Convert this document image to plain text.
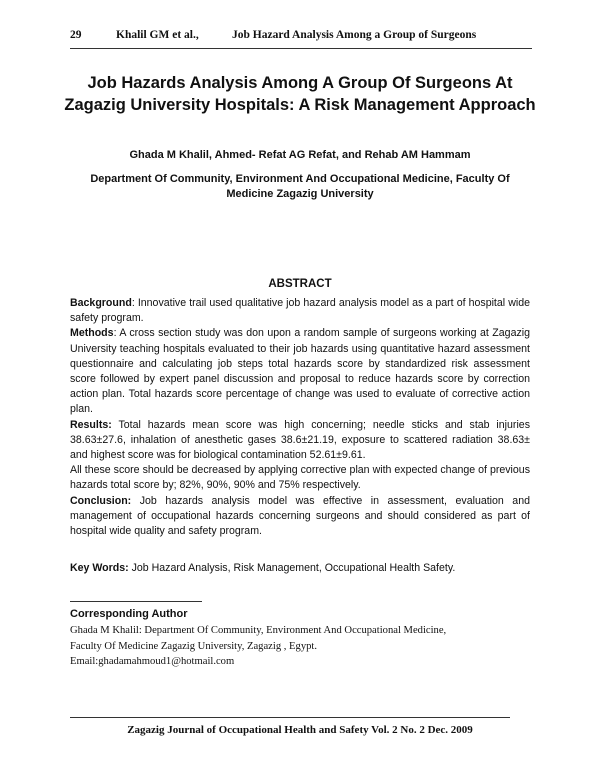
29	Khalil GM et al.,	Job Hazard Analysis Among a Group of Surgeons
Job Hazards Analysis Among A Group Of Surgeons At
Zagazig University Hospitals: A Risk Management Approach
Ghada M Khalil, Ahmed- Refat AG Refat, and Rehab AM Hammam
Department Of Community, Environment And Occupational Medicine, Faculty Of
Medicine Zagazig University
ABSTRACT

Background: Innovative trail used qualitative job hazard analysis model as a part of hospital wide safety program.

Methods: A cross section study was don upon a random sample of surgeons working at Zagazig University teaching hospitals evaluated to their job hazards using quantitative hazard assessment questionnaire and calculating job steps total hazards score by standardized risk assessment score followed by expert panel discussion and proposal to reduce hazards score by correction action plan. Total hazards score percentage of change was used to evaluate of corrective action plan.

Results: Total hazards mean score was high concerning; needle sticks and stab injuries 38.63±27.6, inhalation of anesthetic gases 38.6±21.19, exposure to scattered radiation 38.63± and highest score was for biological contamination 52.61±9.61.

All these score should be decreased by applying corrective plan with expected change of previous hazards total score by; 82%, 90%, 90% and 75% respectively.

Conclusion: Job hazards analysis model was effective in assessment, evaluation and management of occupational hazards concerning surgeons and should considered as part of hospital wide quality and safety program.

Key Words: Job Hazard Analysis, Risk Management, Occupational Health Safety.
Corresponding Author
Ghada M Khalil: Department Of Community, Environment And Occupational Medicine,
Faculty Of Medicine Zagazig University, Zagazig , Egypt.
Email:ghadamahmoud1@hotmail.com
Zagazig Journal of Occupational Health and Safety Vol. 2 No. 2 Dec. 2009
